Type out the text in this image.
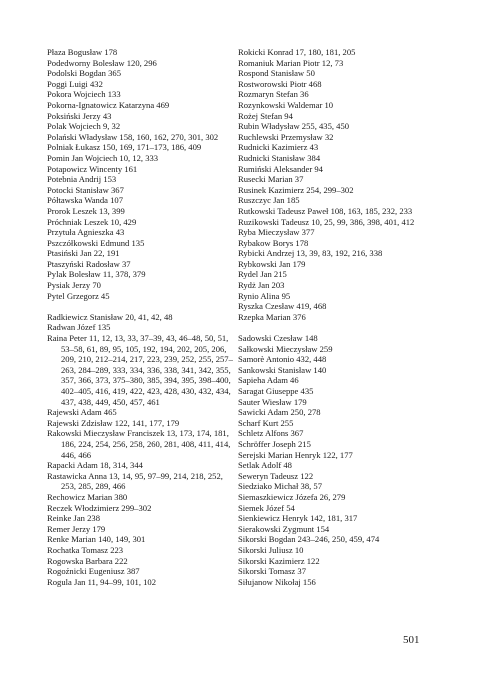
Płaza Bogusław 178
Podedworny Bolesław 120, 296
Podolski Bogdan 365
Poggi Luigi 432
Pokora Wojciech 133
Pokorna-Ignatowicz Katarzyna 469
Poksiński Jerzy 43
Polak Wojciech 9, 32
Polański Władysław 158, 160, 162, 270, 301, 302
Polniak Łukasz 150, 169, 171–173, 186, 409
Pomin Jan Wojciech 10, 12, 333
Potapowicz Wincenty 161
Potebnia Andrij 153
Potocki Stanisław 367
Półtawska Wanda 107
Prorok Leszek 13, 399
Próchniak Leszek 10, 429
Przytuła Agnieszka 43
Pszczółkowski Edmund 135
Ptasiński Jan 22, 191
Ptaszyński Radosław 37
Pylak Bolesław 11, 378, 379
Pysiak Jerzy 70
Pytel Grzegorz 45
Radkiewicz Stanisław 20, 41, 42, 48
Radwan Józef 135
Raina Peter 11, 12, 13, 33, 37–39, 43, 46–48, 50, 51, 53–58, 61, 89, 95, 105, 192, 194, 202, 205, 206, 209, 210, 212–214, 217, 223, 239, 252, 255, 257–263, 284–289, 333, 334, 336, 338, 341, 342, 355, 357, 366, 373, 375–380, 385, 394, 395, 398–400, 402–405, 416, 419, 422, 423, 428, 430, 432, 434, 437, 438, 449, 450, 457, 461
Rajewski Adam 465
Rajewski Zdzisław 122, 141, 177, 179
Rakowski Mieczysław Franciszek 13, 173, 174, 181, 186, 224, 254, 256, 258, 260, 281, 408, 411, 414, 446, 466
Rapacki Adam 18, 314, 344
Rastawicka Anna 13, 14, 95, 97–99, 214, 218, 252, 253, 285, 289, 466
Rechowicz Marian 380
Reczek Włodzimierz 299–302
Reinke Jan 238
Remer Jerzy 179
Renke Marian 140, 149, 301
Rochatka Tomasz 223
Rogowska Barbara 222
Rogoźnicki Eugeniusz 387
Rogula Jan 11, 94–99, 101, 102
Rokicki Konrad 17, 180, 181, 205
Romaniuk Marian Piotr 12, 73
Rospond Stanisław 50
Rostworowski Piotr 468
Rozmaryn Stefan 36
Rozynkowski Waldemar 10
Rożej Stefan 94
Rubin Władysław 255, 435, 450
Ruchlewski Przemysław 32
Rudnicki Kazimierz 43
Rudnicki Stanisław 384
Rumiński Aleksander 94
Rusecki Marian 37
Rusinek Kazimierz 254, 299–302
Ruszczyc Jan 185
Rutkowski Tadeusz Paweł 108, 163, 185, 232, 233
Ruzikowski Tadeusz 10, 25, 99, 386, 398, 401, 412
Ryba Mieczysław 377
Rybakow Borys 178
Rybicki Andrzej 13, 39, 83, 192, 216, 338
Rybkowski Jan 179
Rydel Jan 215
Rydż Jan 203
Rynio Alina 95
Ryszka Czesław 419, 468
Rzepka Marian 376
Sadowski Czesław 148
Sałkowski Mieczysław 259
Samorè Antonio 432, 448
Sankowski Stanisław 140
Sapieha Adam 46
Saragat Giuseppe 435
Sauter Wiesław 179
Sawicki Adam 250, 278
Scharf Kurt 255
Schletz Alfons 367
Schröffer Joseph 215
Serejski Marian Henryk 122, 177
Setlak Adolf 48
Seweryn Tadeusz 122
Siedziako Michał 38, 57
Siemaszkiewicz Józefa 26, 279
Siemek Józef 54
Sienkiewicz Henryk 142, 181, 317
Sierakowski Zygmunt 154
Sikorski Bogdan 243–246, 250, 459, 474
Sikorski Juliusz 10
Sikorski Kazimierz 122
Sikorski Tomasz 37
Siłujanow Nikołaj 156
501
